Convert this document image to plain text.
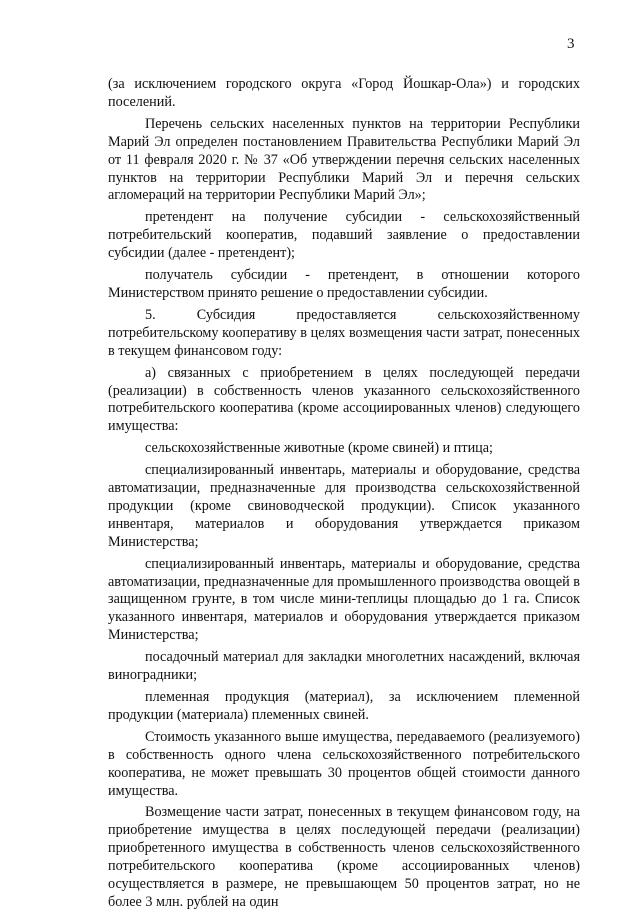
3

(за исключением городского округа «Город Йошкар-Ола») и городских поселений.

Перечень сельских населенных пунктов на территории Республики Марий Эл определен постановлением Правительства Республики Марий Эл от 11 февраля 2020 г. № 37 «Об утверждении перечня сельских населенных пунктов на территории Республики Марий Эл и перечня сельских агломераций на территории Республики Марий Эл»;

претендент на получение субсидии - сельскохозяйственный потребительский кооператив, подавший заявление о предоставлении субсидии (далее - претендент);

получатель субсидии - претендент, в отношении которого Министерством принято решение о предоставлении субсидии.

5. Субсидия предоставляется сельскохозяйственному потребительскому кооперативу в целях возмещения части затрат, понесенных в текущем финансовом году:

а) связанных с приобретением в целях последующей передачи (реализации) в собственность членов указанного сельскохозяйственного потребительского кооператива (кроме ассоциированных членов) следующего имущества:

сельскохозяйственные животные (кроме свиней) и птица;

специализированный инвентарь, материалы и оборудование, средства автоматизации, предназначенные для производства сельскохозяйственной продукции (кроме свиноводческой продукции). Список указанного инвентаря, материалов и оборудования утверждается приказом Министерства;

специализированный инвентарь, материалы и оборудование, средства автоматизации, предназначенные для промышленного производства овощей в защищенном грунте, в том числе мини-теплицы площадью до 1 га. Список указанного инвентаря, материалов и оборудования утверждается приказом Министерства;

посадочный материал для закладки многолетних насаждений, включая виноградники;

племенная продукция (материал), за исключением племенной продукции (материала) племенных свиней.

Стоимость указанного выше имущества, передаваемого (реализуемого) в собственность одного члена сельскохозяйственного потребительского кооператива, не может превышать 30 процентов общей стоимости данного имущества.

Возмещение части затрат, понесенных в текущем финансовом году, на приобретение имущества в целях последующей передачи (реализации) приобретенного имущества в собственность членов сельскохозяйственного потребительского кооператива (кроме ассоциированных членов) осуществляется в размере, не превышающем 50 процентов затрат, но не более 3 млн. рублей на один
